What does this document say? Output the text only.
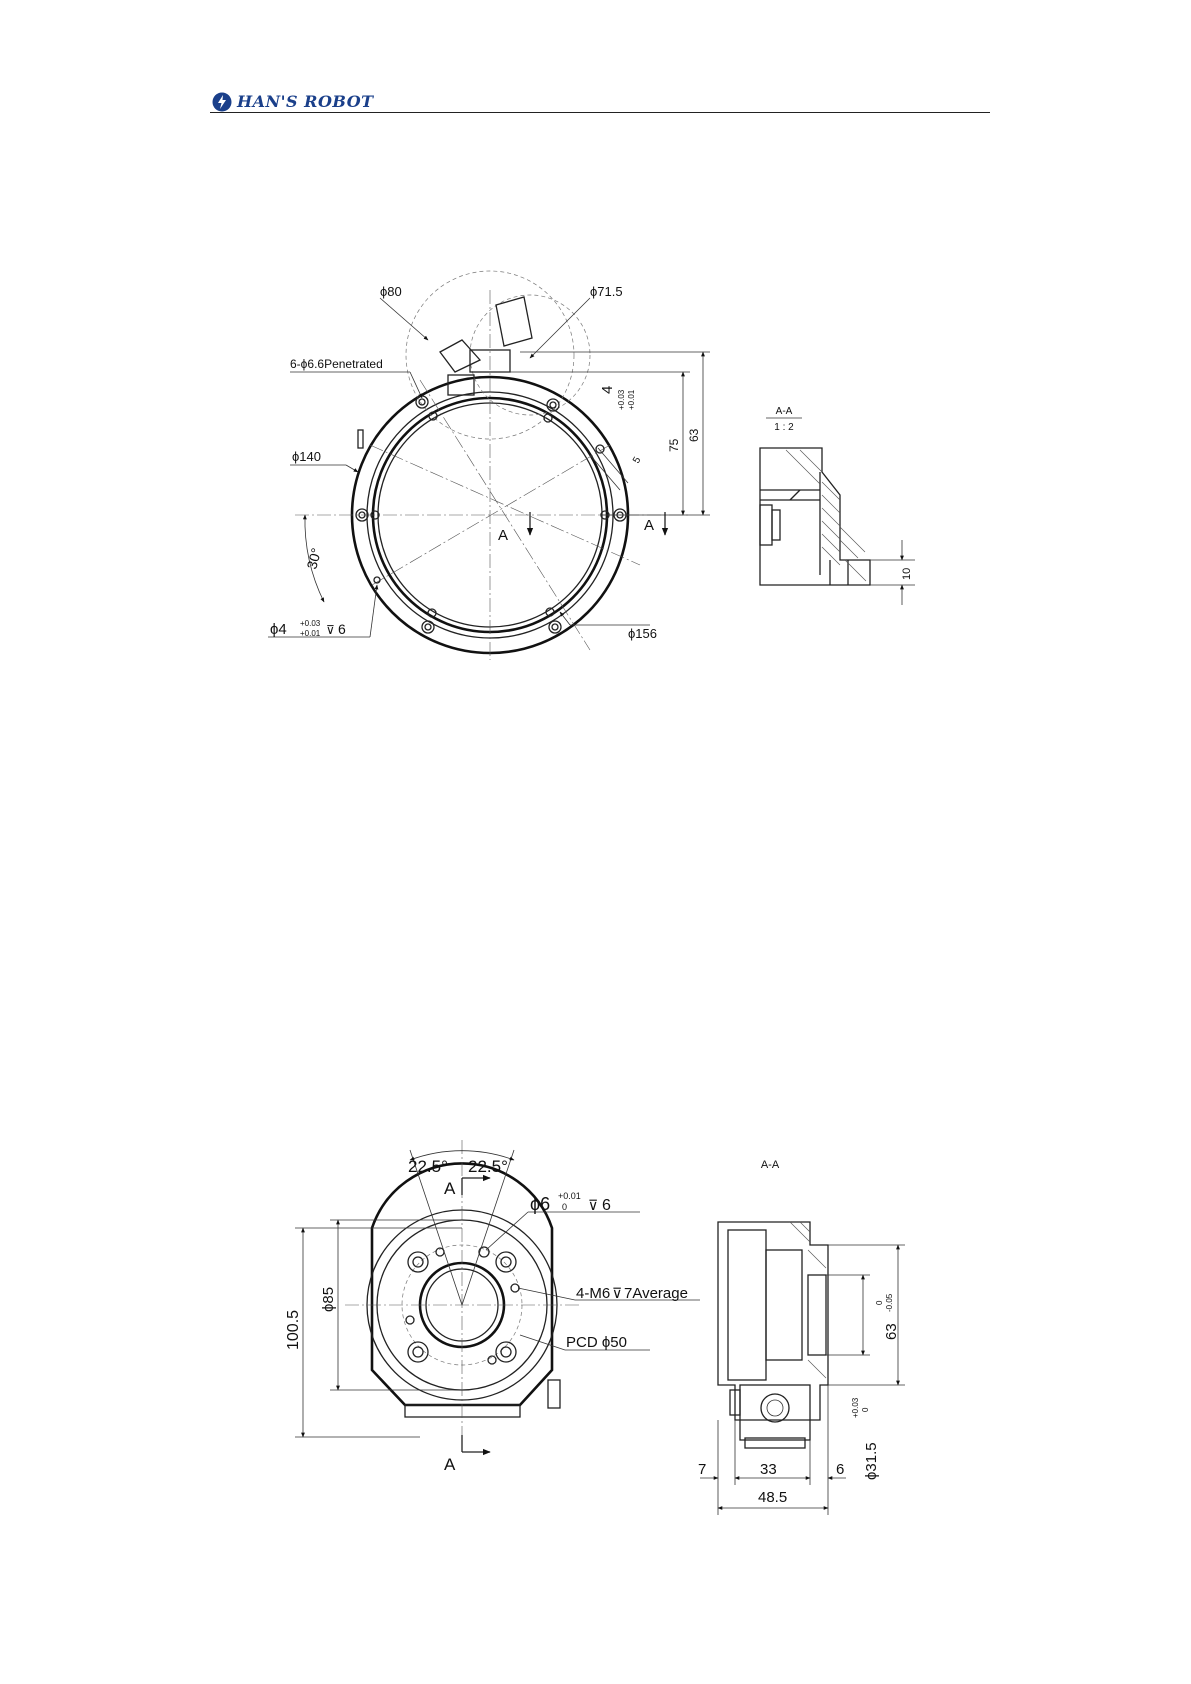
HAN'S ROBOT
ϕ80	ϕ71.5
6-ϕ6.6Penetrated
ϕ140
ϕ156
30°
ϕ4 +0.03
+0.01 ⊽ 6
4 +0.03 +0.01
5
75
63
A
A
A-A
1 : 2
10
22.5° 22.5°
A
A
ϕ6 +0.01
0 ⊽ 6
4-M6 ⊽ 7Average
PCD ϕ50
ϕ85
100.5
A-A
63
0 -0.05
ϕ31.5
+0.03 0
7	33	6
48.5
